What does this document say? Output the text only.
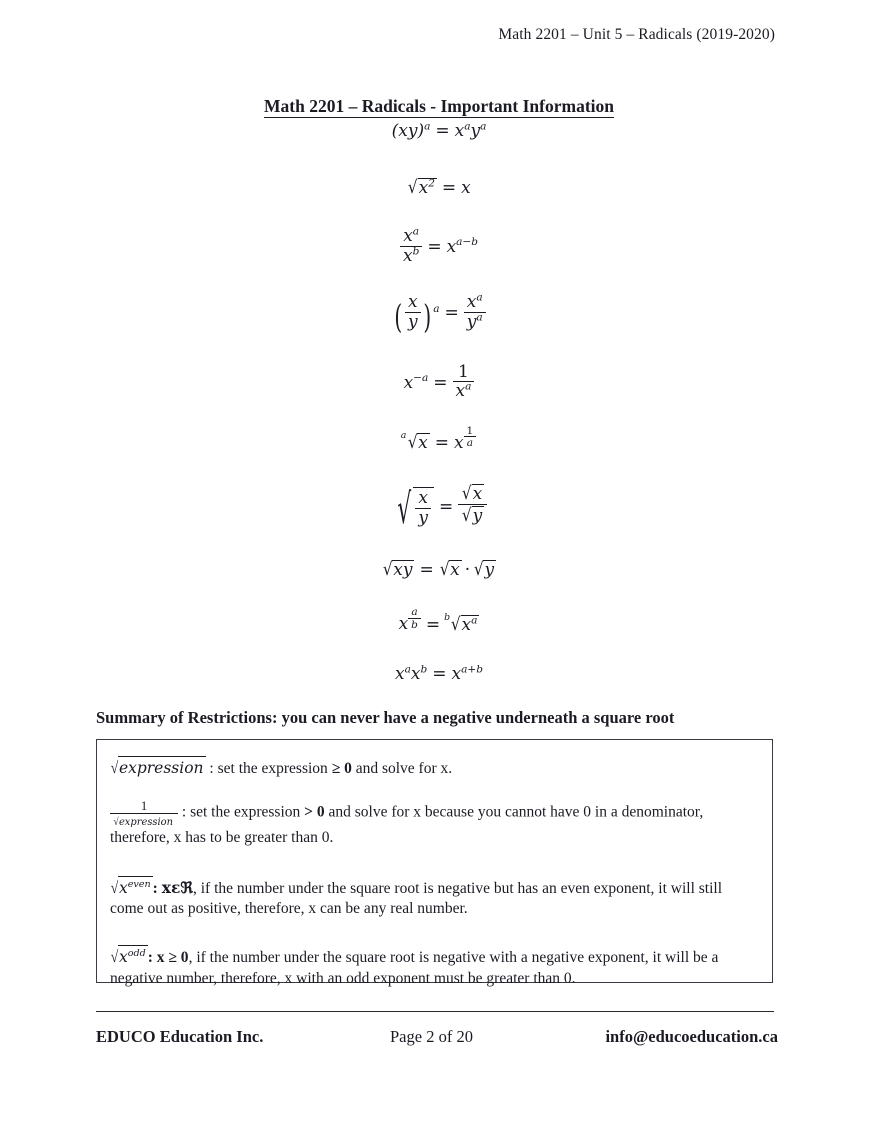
Math 2201 – Unit 5 – Radicals (2019-2020)
Math 2201 – Radicals - Important Information
$(xy)^a = x^ay^a$
$√x^2 = x$
$\frac{x^a}{x^b} = x^{a-b}$
( $\frac{x}{y}$ ) $^a = \frac{x^a}{y^a}$
$x^{-a} = \frac{1}{x^a}$
a √x = x $^{\frac{1}{a}}$
√ $\frac{x}{y} = \frac{√x}{√y}$
√xy = √x · √y
x $^{\frac{a}{b}}$ = b $√x^a$
$x^ax^b = x^{a+b}$
Summary of Restrictions: you can never have a negative underneath a square root
√expression : set the expression ≥ 0 and solve for x.
$\frac{1}{\text{√expression}}$ : set the expression > 0 and solve for x because you cannot have 0 in a denominator, therefore, x has to be greater than 0.
$√x^{even}$ : xεℜ, if the number under the square root is negative but has an even exponent, it will still come out as positive, therefore, x can be any real number.
$√x^{odd}$ : x ≥ 0, if the number under the square root is negative with a negative exponent, it will be a negative number, therefore, x with an odd exponent must be greater than 0.
EDUCO Education Inc.	Page 2 of 20	info@educoeducation.ca
